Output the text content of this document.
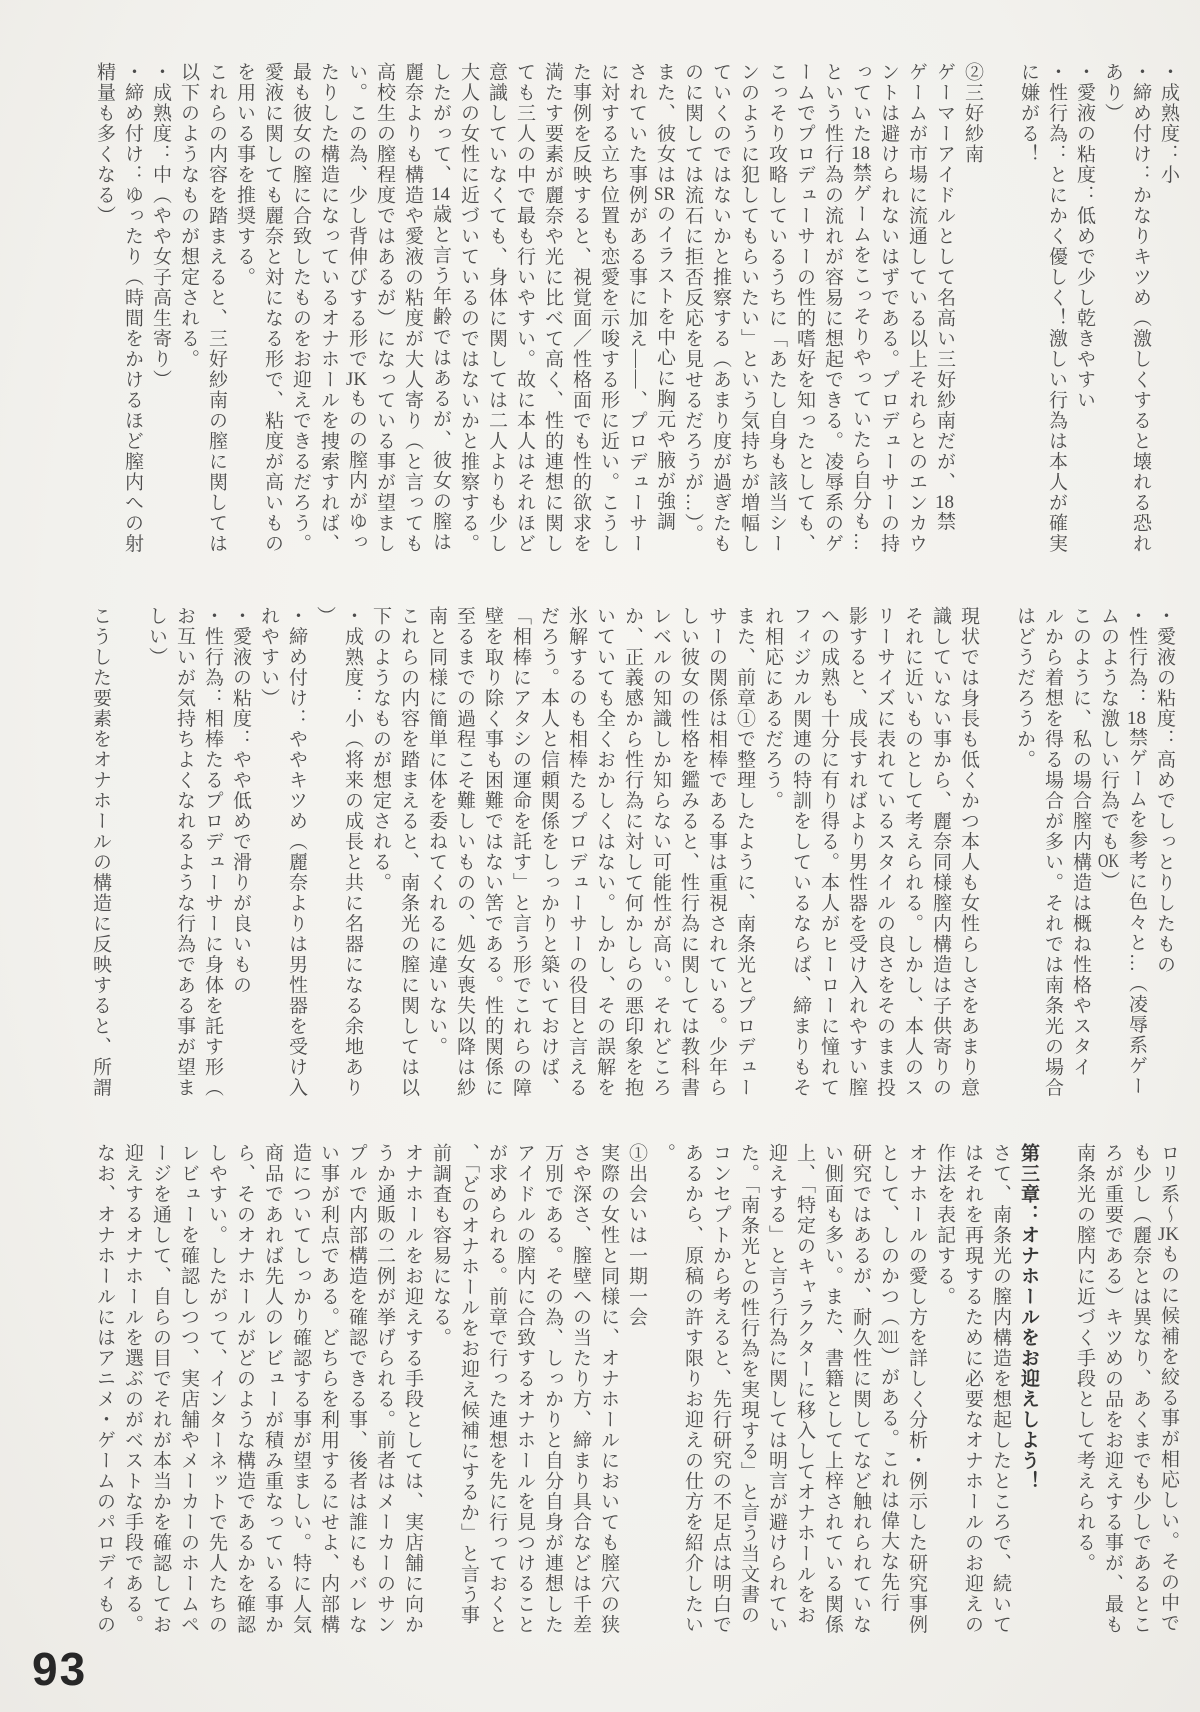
・成熟度：小

・締め付け：かなりキツめ（激しくすると壊れる恐れ

あり）

・愛液の粘度：低めで少し乾きやすい

・性行為：とにかく優しく！激しい行為は本人が確実

に嫌がる！

②三好紗南

ゲーマーアイドルとして名高い三好紗南だが、18禁

ゲームが市場に流通している以上それらとのエンカウ

ントは避けられないはずである。プロデューサーの持

っていた18禁ゲームをこっそりやっていたら自分も…

という性行為の流れが容易に想起できる。凌辱系のゲ

ームでプロデューサーの性的嗜好を知ったとしても、

こっそり攻略しているうちに「あたし自身も該当シー

ンのように犯してもらいたい」という気持ちが増幅し

ていくのではないかと推察する（あまり度が過ぎたも

のに関しては流石に拒否反応を見せるだろうが…）。

また、彼女はSRのイラストを中心に胸元や腋が強調

されていた事例がある事に加え――、プロデューサー

に対する立ち位置も恋愛を示唆する形に近い。こうし

た事例を反映すると、視覚面／性格面でも性的欲求を

満たす要素が麗奈や光に比べて高く、性的連想に関し

ても三人の中で最も行いやすい。故に本人はそれほど

意識していなくても、身体に関しては二人よりも少し

大人の女性に近づいているのではないかと推察する。

したがって、14歳と言う年齢ではあるが、彼女の膣は

麗奈よりも構造や愛液の粘度が大人寄り（と言っても

高校生の膣程度ではあるが）になっている事が望まし

い。この為、少し背伸びする形でJKものの膣内がゆっ

たりした構造になっているオナホールを捜索すれば、

最も彼女の膣に合致したものをお迎えできるだろう。

愛液に関しても麗奈と対になる形で、粘度が高いもの

を用いる事を推奨する。

これらの内容を踏まえると、三好紗南の膣に関しては

以下のようなものが想定される。

・成熟度：中（やや女子高生寄り）

・締め付け：ゆったり（時間をかけるほど膣内への射

精量も多くなる）

・愛液の粘度：高めでしっとりしたもの

・性行為：18禁ゲームを参考に色々と…（凌辱系ゲー

ムのような激しい行為でもOK）

このように、私の場合膣内構造は概ね性格やスタイ

ルから着想を得る場合が多い。それでは南条光の場合

はどうだろうか。

現状では身長も低くかつ本人も女性らしさをあまり意

識していない事から、麗奈同様膣内構造は子供寄りの

それに近いものとして考えられる。しかし、本人のス

リーサイズに表れているスタイルの良さをそのまま投

影すると、成長すればより男性器を受け入れやすい膣

への成熟も十分に有り得る。本人がヒーローに憧れて

フィジカル関連の特訓をしているならば、締まりもそ

れ相応にあるだろう。

また、前章①で整理したように、南条光とプロデュー

サーの関係は相棒である事は重視されている。少年ら

しい彼女の性格を鑑みると、性行為に関しては教科書

レベルの知識しか知らない可能性が高い。それどころ

か、正義感から性行為に対して何かしらの悪印象を抱

いていても全くおかしくはない。しかし、その誤解を

氷解するのも相棒たるプロデューサーの役目と言える

だろう。本人と信頼関係をしっかりと築いておけば、

「相棒にアタシの運命を託す」と言う形でこれらの障

壁を取り除く事も困難ではない筈である。性的関係に

至るまでの過程こそ難しいものの、処女喪失以降は紗

南と同様に簡単に体を委ねてくれるに違いない。

これらの内容を踏まえると、南条光の膣に関しては以

下のようなものが想定される。

・成熟度：小（将来の成長と共に名器になる余地あり

）

・締め付け：ややキツめ（麗奈よりは男性器を受け入

れやすい）

・愛液の粘度：やや低めで滑りが良いもの

・性行為：相棒たるプロデューサーに身体を託す形（

お互いが気持ちよくなれるような行為である事が望ま

しい）

こうした要素をオナホールの構造に反映すると、所謂

ロリ系〜JKものに候補を絞る事が相応しい。その中で

も少し（麗奈とは異なり、あくまでも少しであるとこ

ろが重要である）キツめの品をお迎えする事が、最も

南条光の膣内に近づく手段として考えられる。

第三章：オナホールをお迎えしよう！

さて、南条光の膣内構造を想起したところで、続いて

はそれを再現するために必要なオナホールのお迎えの

作法を表記する。

オナホールの愛し方を詳しく分析・例示した研究事例

として、しのかつ（2011）がある。これは偉大な先行

研究ではあるが、耐久性に関してなど触れられていな

い側面も多い。また、書籍として上梓されている関係

上、「特定のキャラクターに移入してオナホールをお

迎えする」と言う行為に関しては明言が避けられてい

た。「南条光との性行為を実現する」と言う当文書の

コンセプトから考えると、先行研究の不足点は明白で

あるから、原稿の許す限りお迎えの仕方を紹介したい

。

①出会いは一期一会

実際の女性と同様に、オナホールにおいても膣穴の狭

さや深さ、膣壁への当たり方、締まり具合などは千差

万別である。その為、しっかりと自分自身が連想した

アイドルの膣内に合致するオナホールを見つけること

が求められる。前章で行った連想を先に行っておくと

、「どのオナホールをお迎え候補にするか」と言う事

前調査も容易になる。

オナホールをお迎えする手段としては、実店舗に向か

うか通販の二例が挙げられる。前者はメーカーのサン

プルで内部構造を確認できる事、後者は誰にもバレな

い事が利点である。どちらを利用するにせよ、内部構

造についてしっかり確認する事が望ましい。特に人気

商品であれば先人のレビューが積み重なっている事か

ら、そのオナホールがどのような構造であるかを確認

しやすい。したがって、インターネットで先人たちの

レビューを確認しつつ、実店舗やメーカーのホームペ

ージを通して、自らの目でそれが本当かを確認してお

迎えするオナホールを選ぶのがベストな手段である。

なお、オナホールにはアニメ・ゲームのパロディもの

93
